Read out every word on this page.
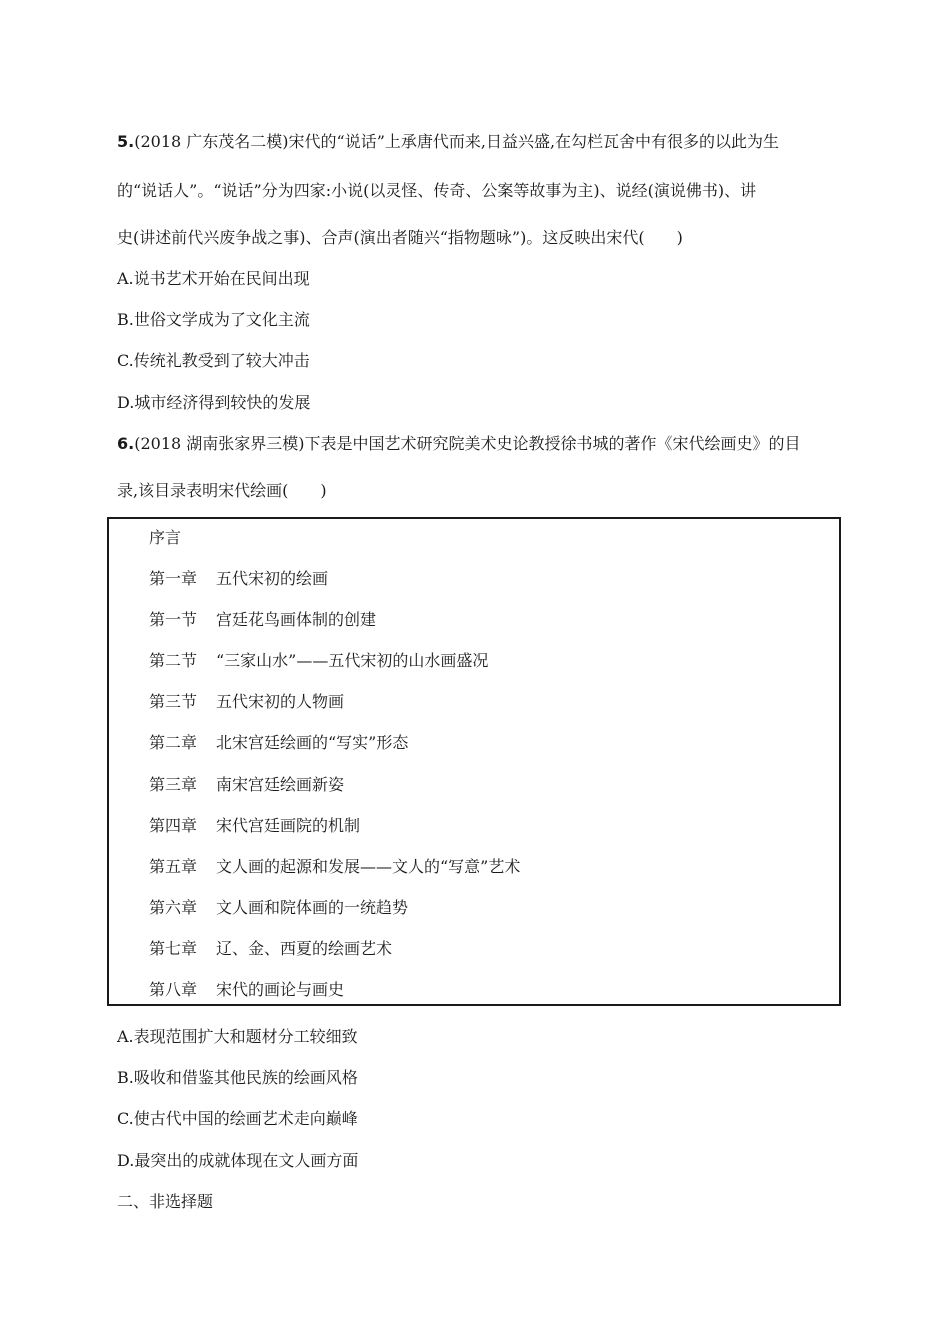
5.(2018 广东茂名二模)宋代的“说话”上承唐代而来,日益兴盛,在勾栏瓦舍中有很多的以此为生
的“说话人”。“说话”分为四家:小说(以灵怪、传奇、公案等故事为主)、说经(演说佛书)、讲
史(讲述前代兴废争战之事)、合声(演出者随兴“指物题咏”)。这反映出宋代(　　)
A.说书艺术开始在民间出现
B.世俗文学成为了文化主流
C.传统礼教受到了较大冲击
D.城市经济得到较快的发展
6.(2018 湖南张家界三模)下表是中国艺术研究院美术史论教授徐书城的著作《宋代绘画史》的目
录,该目录表明宋代绘画(　　)
序言
第一章 五代宋初的绘画
第一节 宫廷花鸟画体制的创建
第二节 “三家山水”——五代宋初的山水画盛况
第三节 五代宋初的人物画
第二章 北宋宫廷绘画的“写实”形态
第三章 南宋宫廷绘画新姿
第四章 宋代宫廷画院的机制
第五章 文人画的起源和发展——文人的“写意”艺术
第六章 文人画和院体画的一统趋势
第七章 辽、金、西夏的绘画艺术
第八章 宋代的画论与画史
A.表现范围扩大和题材分工较细致
B.吸收和借鉴其他民族的绘画风格
C.使古代中国的绘画艺术走向巅峰
D.最突出的成就体现在文人画方面
二、非选择题
